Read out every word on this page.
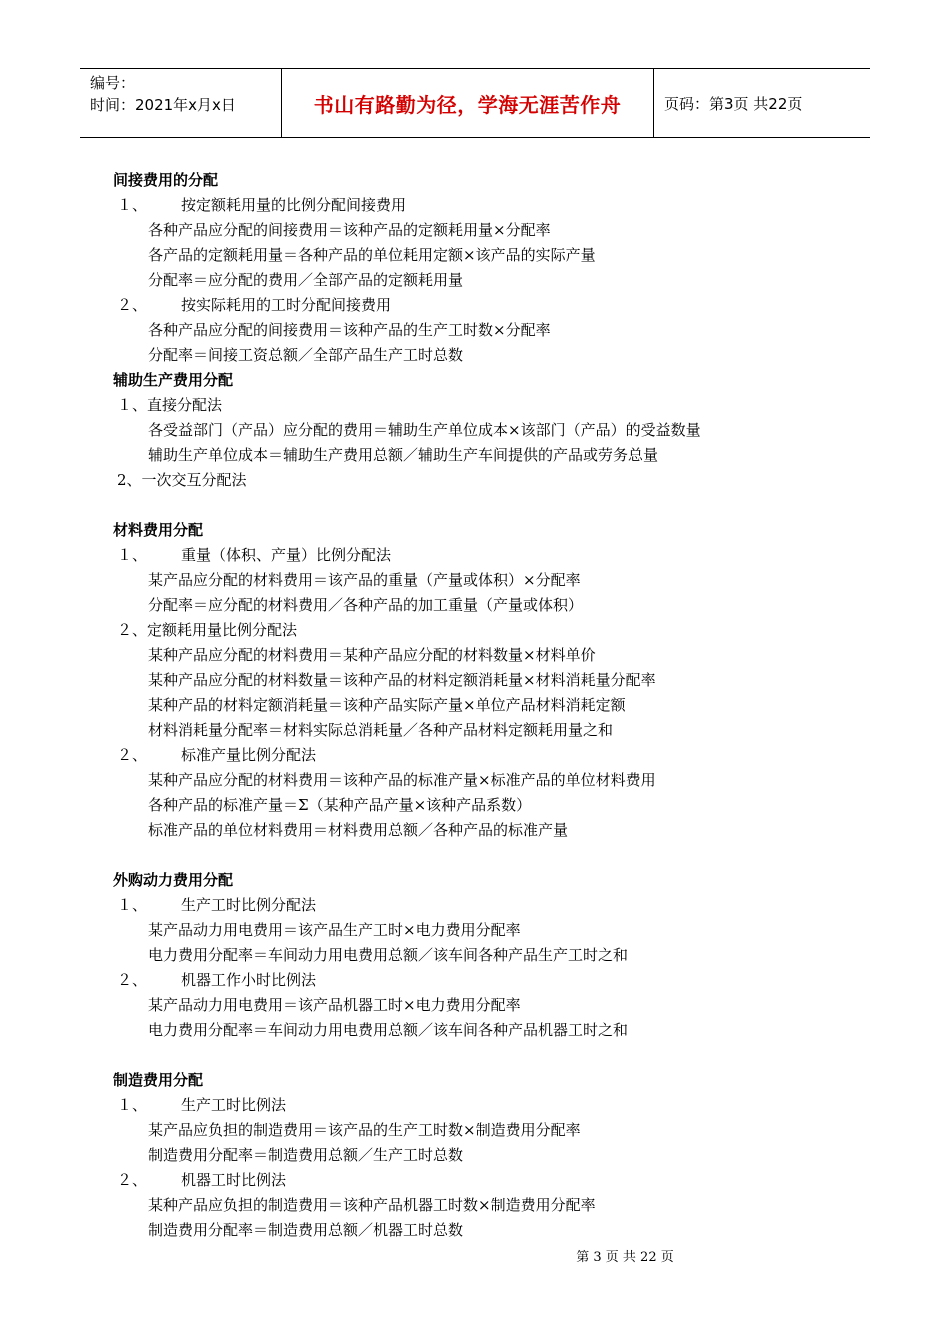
编号：
时间：2021年x月x日	书山有路勤为径，学海无涯苦作舟	页码：第3页 共22页
间接费用的分配
１、 按定额耗用量的比例分配间接费用
各种产品应分配的间接费用＝该种产品的定额耗用量×分配率
各产品的定额耗用量＝各种产品的单位耗用定额×该产品的实际产量
分配率＝应分配的费用／全部产品的定额耗用量
２、 按实际耗用的工时分配间接费用
各种产品应分配的间接费用＝该种产品的生产工时数×分配率
分配率＝间接工资总额／全部产品生产工时总数
辅助生产费用分配
１、直接分配法
各受益部门（产品）应分配的费用＝辅助生产单位成本×该部门（产品）的受益数量
辅助生产单位成本＝辅助生产费用总额／辅助生产车间提供的产品或劳务总量
2、一次交互分配法
材料费用分配
１、 重量（体积、产量）比例分配法
某产品应分配的材料费用＝该产品的重量（产量或体积）×分配率
分配率＝应分配的材料费用／各种产品的加工重量（产量或体积）
２、定额耗用量比例分配法
某种产品应分配的材料费用＝某种产品应分配的材料数量×材料单价
某种产品应分配的材料数量＝该种产品的材料定额消耗量×材料消耗量分配率
某种产品的材料定额消耗量＝该种产品实际产量×单位产品材料消耗定额
材料消耗量分配率＝材料实际总消耗量／各种产品材料定额耗用量之和
２、 标准产量比例分配法
某种产品应分配的材料费用＝该种产品的标准产量×标准产品的单位材料费用
各种产品的标准产量＝Σ（某种产品产量×该种产品系数）
标准产品的单位材料费用＝材料费用总额／各种产品的标准产量
外购动力费用分配
１、 生产工时比例分配法
某产品动力用电费用＝该产品生产工时×电力费用分配率
电力费用分配率＝车间动力用电费用总额／该车间各种产品生产工时之和
２、 机器工作小时比例法
某产品动力用电费用＝该产品机器工时×电力费用分配率
电力费用分配率＝车间动力用电费用总额／该车间各种产品机器工时之和
制造费用分配
１、 生产工时比例法
某产品应负担的制造费用＝该产品的生产工时数×制造费用分配率
制造费用分配率＝制造费用总额／生产工时总数
２、 机器工时比例法
某种产品应负担的制造费用＝该种产品机器工时数×制造费用分配率
制造费用分配率＝制造费用总额／机器工时总数
第 3 页 共 22 页
